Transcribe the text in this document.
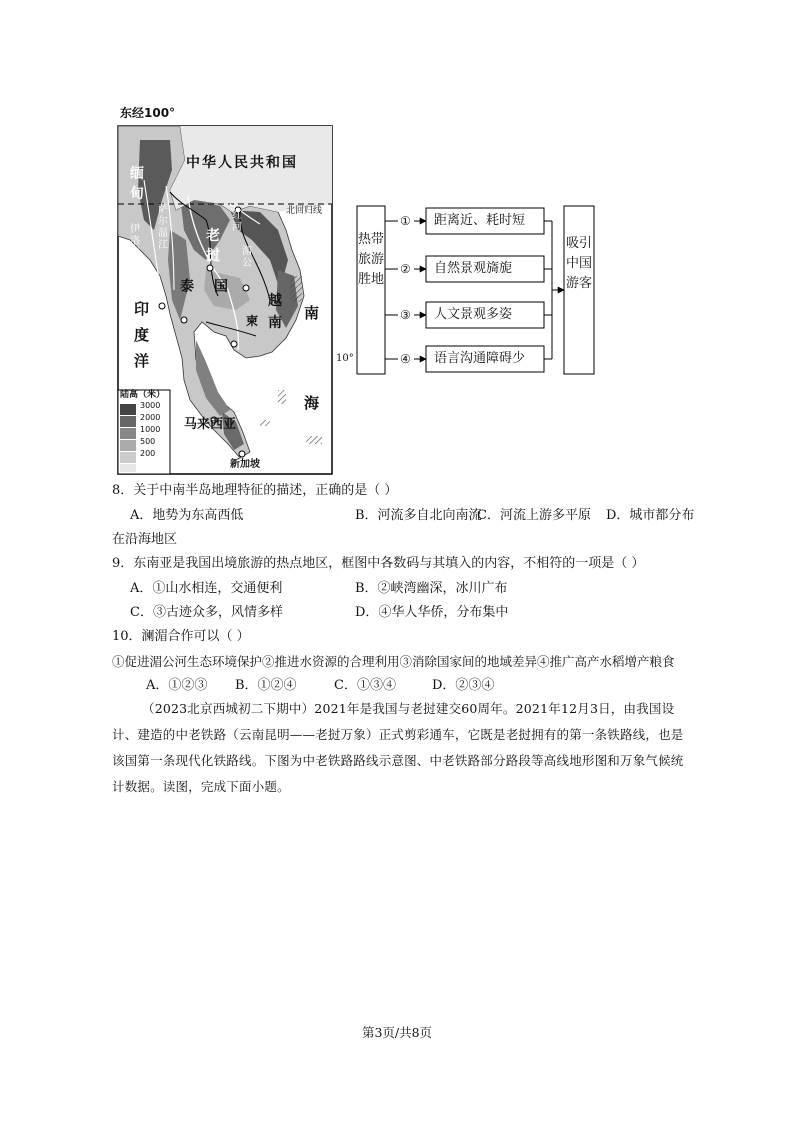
东经100°
中华人民共和国
北回归线
缅
甸
伊
洛
瓦
底
江
萨
尔
温
江
老
挝
红
河
湄
公
越
南
泰 国
柬	南
海
印
度
洋
马来西亚
新加坡
陆高（米）
3000
2000
1000
500
200
10°
热带旅游胜地
吸引中国游客
①
②
③
④
距离近、耗时短
自然景观旖旎
人文景观多姿
语言沟通障碍少
8．关于中南半岛地理特征的描述，正确的是（ ）
A．地势为东高西低	B．河流多自北向南流
C．河流上游多平原 D．城市都分布
在沿海地区
9．东南亚是我国出境旅游的热点地区，框图中各数码与其填入的内容，不相符的一项是（ ）
A．①山水相连，交通便利	B．②峡湾幽深，冰川广布
C．③古迹众多，风情多样	D．④华人华侨，分布集中
10．澜湄合作可以（ ）
①促进湄公河生态环境保护②推进水资源的合理利用③消除国家间的地域差异④推广高产水稻增产粮食
A．①②③ B．①②④	C．①③④	D．②③④
（2023北京西城初二下期中）2021年是我国与老挝建交60周年。2021年12月3日，由我国设计、建造的中老铁路（云南昆明——老挝万象）正式剪彩通车，它既是老挝拥有的第一条铁路线，也是该国第一条现代化铁路线。下图为中老铁路路线示意图、中老铁路部分路段等高线地形图和万象气候统计数据。读图，完成下面小题。
第3页/共8页
